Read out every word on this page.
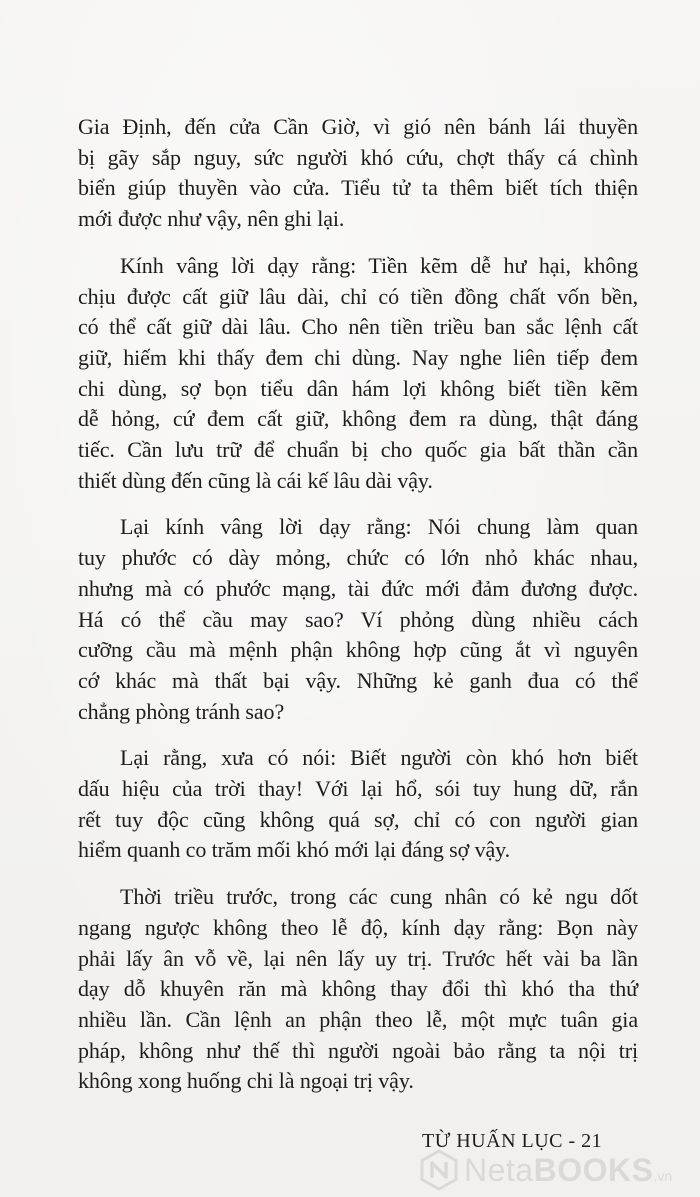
Gia Định, đến cửa Cần Giờ, vì gió nên bánh lái thuyền
bị gãy sắp nguy, sức người khó cứu, chợt thấy cá chình
biển giúp thuyền vào cửa. Tiểu tử ta thêm biết tích thiện
mới được như vậy, nên ghi lại.

Kính vâng lời dạy rằng: Tiền kẽm dễ hư hại, không
chịu được cất giữ lâu dài, chỉ có tiền đồng chất vốn bền,
có thể cất giữ dài lâu. Cho nên tiền triều ban sắc lệnh cất
giữ, hiếm khi thấy đem chi dùng. Nay nghe liên tiếp đem
chi dùng, sợ bọn tiểu dân hám lợi không biết tiền kẽm
dễ hỏng, cứ đem cất giữ, không đem ra dùng, thật đáng
tiếc. Cần lưu trữ để chuẩn bị cho quốc gia bất thần cần
thiết dùng đến cũng là cái kế lâu dài vậy.

Lại kính vâng lời dạy rằng: Nói chung làm quan
tuy phước có dày mỏng, chức có lớn nhỏ khác nhau,
nhưng mà có phước mạng, tài đức mới đảm đương được.
Há có thể cầu may sao? Ví phỏng dùng nhiều cách
cưỡng cầu mà mệnh phận không hợp cũng ắt vì nguyên
cớ khác mà thất bại vậy. Những kẻ ganh đua có thể
chẳng phòng tránh sao?

Lại rằng, xưa có nói: Biết người còn khó hơn biết
dấu hiệu của trời thay! Với lại hổ, sói tuy hung dữ, rắn
rết tuy độc cũng không quá sợ, chỉ có con người gian
hiểm quanh co trăm mối khó mới lại đáng sợ vậy.

Thời triều trước, trong các cung nhân có kẻ ngu dốt
ngang ngược không theo lễ độ, kính dạy rằng: Bọn này
phải lấy ân vỗ về, lại nên lấy uy trị. Trước hết vài ba lần
dạy dỗ khuyên răn mà không thay đổi thì khó tha thứ
nhiều lần. Cần lệnh an phận theo lễ, một mực tuân gia
pháp, không như thế thì người ngoài bảo rằng ta nội trị
không xong huống chi là ngoại trị vậy.

TỪ HUẤN LỤC - 21
NetaBOOKS .vn
